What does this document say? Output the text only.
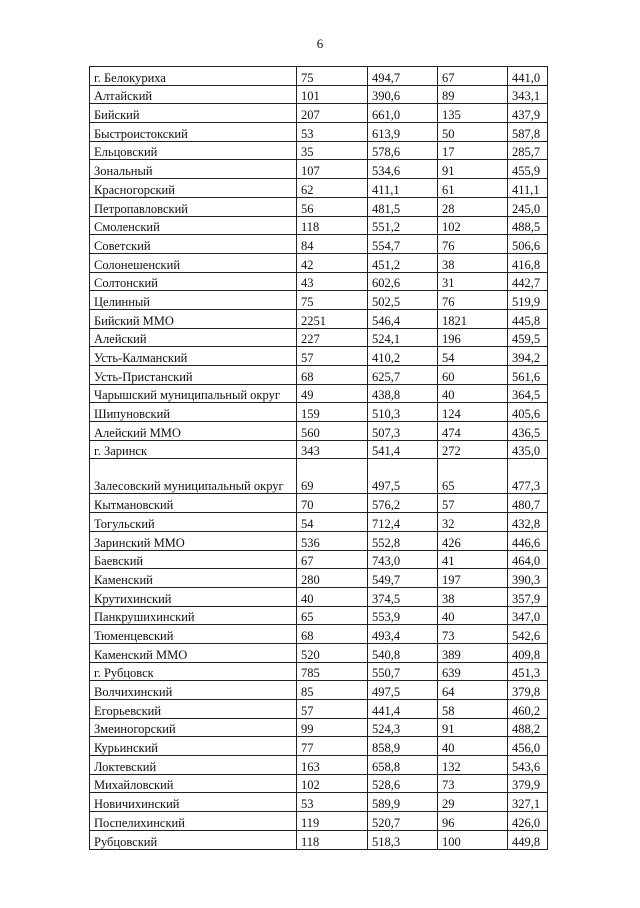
6
г. Белокуриха	75	494,7	67	441,0
Алтайский	101	390,6	89	343,1
Бийский	207	661,0	135	437,9
Быстроистокский	53	613,9	50	587,8
Ельцовский	35	578,6	17	285,7
Зональный	107	534,6	91	455,9
Красногорский	62	411,1	61	411,1
Петропавловский	56	481,5	28	245,0
Смоленский	118	551,2	102	488,5
Советский	84	554,7	76	506,6
Солонешенский	42	451,2	38	416,8
Солтонский	43	602,6	31	442,7
Целинный	75	502,5	76	519,9
Бийский ММО	2251	546,4	1821	445,8
Алейский	227	524,1	196	459,5
Усть-Калманский	57	410,2	54	394,2
Усть-Пристанский	68	625,7	60	561,6
Чарышский муниципальный округ	49	438,8	40	364,5
Шипуновский	159	510,3	124	405,6
Алейский ММО	560	507,3	474	436,5
г. Заринск	343	541,4	272	435,0
Залесовский муниципальный округ	69	497,5	65	477,3
Кытмановский	70	576,2	57	480,7
Тогульский	54	712,4	32	432,8
Заринский ММО	536	552,8	426	446,6
Баевский	67	743,0	41	464,0
Каменский	280	549,7	197	390,3
Крутихинский	40	374,5	38	357,9
Панкрушихинский	65	553,9	40	347,0
Тюменцевский	68	493,4	73	542,6
Каменский ММО	520	540,8	389	409,8
г. Рубцовск	785	550,7	639	451,3
Волчихинский	85	497,5	64	379,8
Егорьевский	57	441,4	58	460,2
Змеиногорский	99	524,3	91	488,2
Курьинский	77	858,9	40	456,0
Локтевский	163	658,8	132	543,6
Михайловский	102	528,6	73	379,9
Новичихинский	53	589,9	29	327,1
Поспелихинский	119	520,7	96	426,0
Рубцовский	118	518,3	100	449,8
